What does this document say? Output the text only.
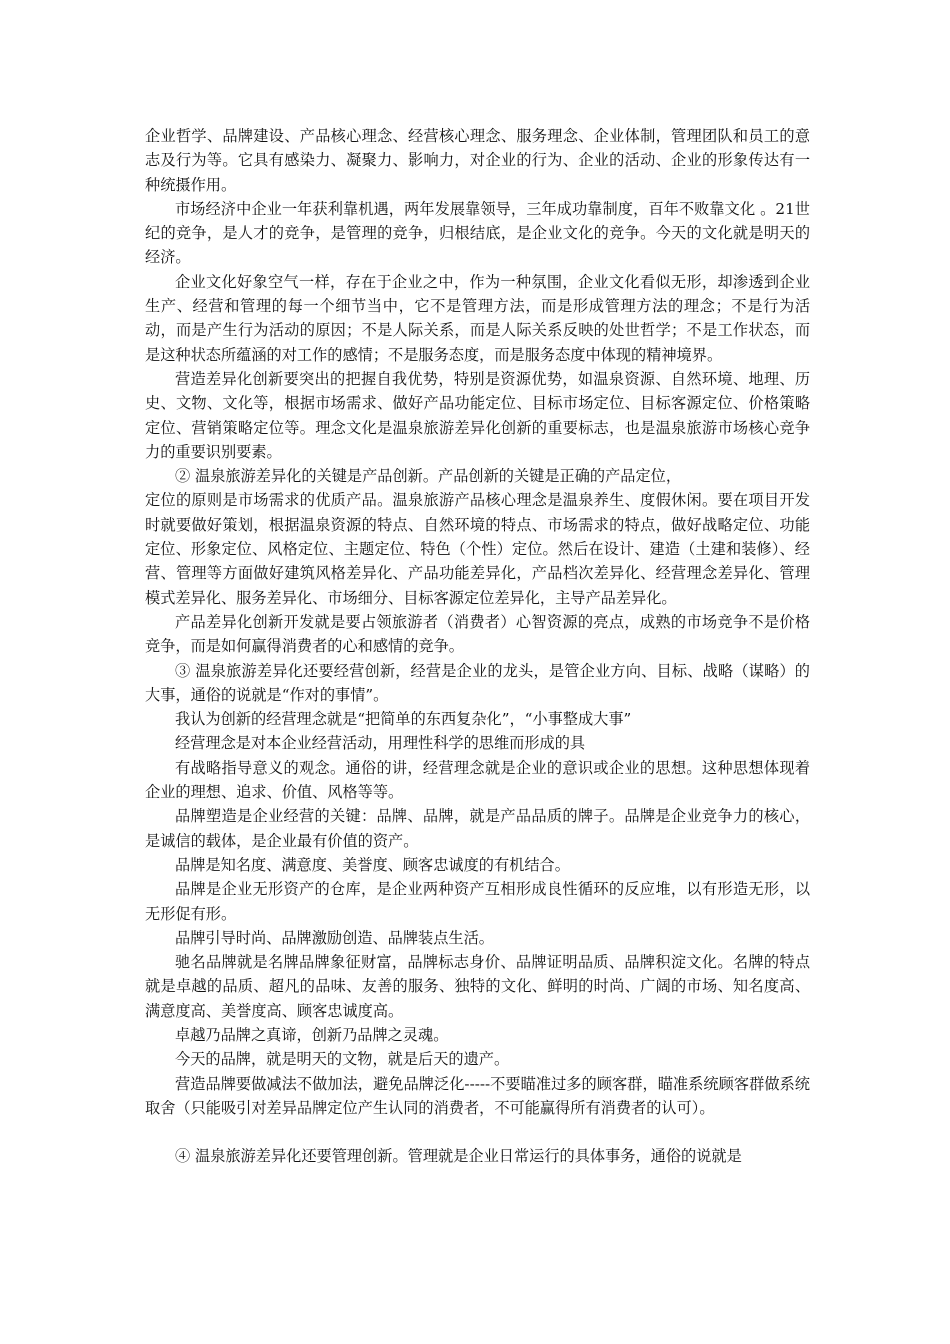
企业哲学、品牌建设、产品核心理念、经营核心理念、服务理念、企业体制，管理团队和员工的意志及行为等。它具有感染力、凝聚力、影响力，对企业的行为、企业的活动、企业的形象传达有一种统摄作用。

市场经济中企业一年获利靠机遇，两年发展靠领导，三年成功靠制度，百年不败靠文化 。21世纪的竞争，是人才的竞争，是管理的竞争，归根结底，是企业文化的竞争。今天的文化就是明天的经济。

企业文化好象空气一样，存在于企业之中，作为一种氛围，企业文化看似无形，却渗透到企业生产、经营和管理的每一个细节当中，它不是管理方法，而是形成管理方法的理念；不是行为活动，而是产生行为活动的原因；不是人际关系，而是人际关系反映的处世哲学；不是工作状态，而是这种状态所蕴涵的对工作的感情；不是服务态度，而是服务态度中体现的精神境界。

营造差异化创新要突出的把握自我优势，特别是资源优势，如温泉资源、自然环境、地理、历史、文物、文化等，根据市场需求、做好产品功能定位、目标市场定位、目标客源定位、价格策略定位、营销策略定位等。理念文化是温泉旅游差异化创新的重要标志，也是温泉旅游市场核心竞争力的重要识别要素。

② 温泉旅游差异化的关键是产品创新。产品创新的关键是正确的产品定位，

定位的原则是市场需求的优质产品。温泉旅游产品核心理念是温泉养生、度假休闲。要在项目开发时就要做好策划，根据温泉资源的特点、自然环境的特点、市场需求的特点，做好战略定位、功能定位、形象定位、风格定位、主题定位、特色（个性）定位。然后在设计、建造（土建和装修）、经营、管理等方面做好建筑风格差异化、产品功能差异化，产品档次差异化、经营理念差异化、管理模式差异化、服务差异化、市场细分、目标客源定位差异化，主导产品差异化。

产品差异化创新开发就是要占领旅游者（消费者）心智资源的亮点，成熟的市场竞争不是价格竞争，而是如何赢得消费者的心和感情的竞争。

③ 温泉旅游差异化还要经营创新，经营是企业的龙头，是管企业方向、目标、战略（谋略）的大事，通俗的说就是“作对的事情”。

我认为创新的经营理念就是“把简单的东西复杂化”，“小事整成大事”

经营理念是对本企业经营活动，用理性科学的思维而形成的具

有战略指导意义的观念。通俗的讲，经营理念就是企业的意识或企业的思想。这种思想体现着企业的理想、追求、价值、风格等等。

品牌塑造是企业经营的关键：品牌、品牌，就是产品品质的牌子。品牌是企业竞争力的核心，是诚信的载体，是企业最有价值的资产。

品牌是知名度、满意度、美誉度、顾客忠诚度的有机结合。

品牌是企业无形资产的仓库，是企业两种资产互相形成良性循环的反应堆，以有形造无形，以无形促有形。

品牌引导时尚、品牌激励创造、品牌装点生活。

驰名品牌就是名牌品牌象征财富，品牌标志身价、品牌证明品质、品牌积淀文化。名牌的特点就是卓越的品质、超凡的品味、友善的服务、独特的文化、鲜明的时尚、广阔的市场、知名度高、满意度高、美誉度高、顾客忠诚度高。

卓越乃品牌之真谛，创新乃品牌之灵魂。

今天的品牌，就是明天的文物，就是后天的遗产。

营造品牌要做减法不做加法，避免品牌泛化-----不要瞄准过多的顾客群，瞄准系统顾客群做系统取舍（只能吸引对差异品牌定位产生认同的消费者，不可能赢得所有消费者的认可）。

④ 温泉旅游差异化还要管理创新。管理就是企业日常运行的具体事务，通俗的说就是
